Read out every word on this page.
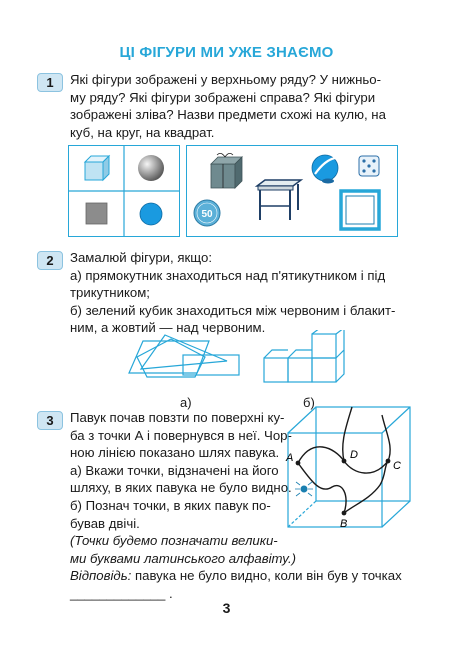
ЦІ ФІГУРИ МИ УЖЕ ЗНАЄМО
1	Які фігури зображені у верхньому ряду? У нижньо-
му ряду? Які фігури зображені справа? Які фігури
зображені зліва? Назви предмети схожі на кулю, на
куб, на круг, на квадрат.
50
2	Замалюй фігури, якщо:
а) прямокутник знаходиться над п'ятикутником і під
трикутником;
б) зелений кубик знаходиться між червоним і блакит-
ним, а жовтий — над червоним.
а)	б)
3	Павук почав повзти по поверхні ку-
ба з точки А і повернувся в неї. Чор-
ною лінією показано шлях павука.
а) Вкажи точки, відзначені на його
шляху, в яких павука не було видно.
б) Познач точки, в яких павук по-
бував двічі.
(Точки будемо позначати велики-
ми буквами латинського алфавіту.)
Відповідь: павука не було видно, коли він був у точках
_____________ .
A	D
C
B
3
